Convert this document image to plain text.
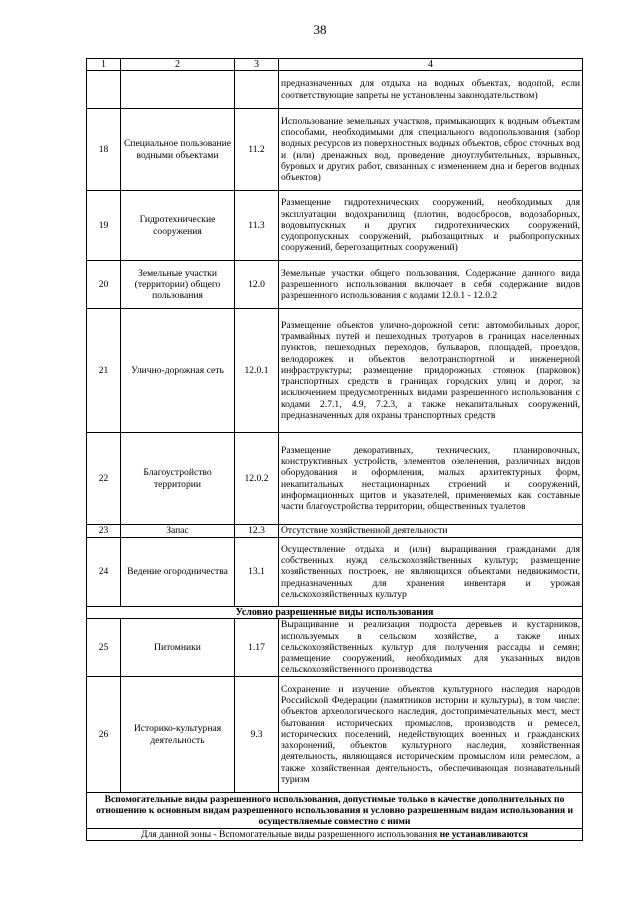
38
1	2	3	4
			предназначенных для отдыха на водных объектах, водопой, если соответствующие запреты не установлены законодательством)
18	Специальное пользование водными объектами	11.2	Использование земельных участков, примыкающих к водным объектам способами, необходимыми для специального водопользования (забор водных ресурсов из поверхностных водных объектов, сброс сточных вод и (или) дренажных вод, проведение дноуглубительных, взрывных, буровых и других работ, связанных с изменением дна и берегов водных объектов)
19	Гидротехнические сооружения	11.3	Размещение гидротехнических сооружений, необходимых для эксплуатации водохранилищ (плотин, водосбросов, водозаборных, водовыпускных и других гидротехнических сооружений, судопропускных сооружений, рыбозащитных и рыбопропускных сооружений, берегозащитных сооружений)
20	Земельные участки (территории) общего пользования	12.0	Земельные участки общего пользования. Содержание данного вида разрешенного использования включает в себя содержание видов разрешенного использования с кодами 12.0.1 - 12.0.2
21	Улично-дорожная сеть	12.0.1	Размещение объектов улично-дорожной сети: автомобильных дорог, трамвайных путей и пешеходных тротуаров в границах населенных пунктов, пешеходных переходов, бульваров, площадей, проездов, велодорожек и объектов велотранспортной и инженерной инфраструктуры; размещение придорожных стоянок (парковок) транспортных средств в границах городских улиц и дорог, за исключением предусмотренных видами разрешенного использования с кодами 2.7.1, 4.9, 7.2.3, а также некапитальных сооружений, предназначенных для охраны транспортных средств
22	Благоустройство территории	12.0.2	Размещение декоративных, технических, планировочных, конструктивных устройств, элементов озеленения, различных видов оборудования и оформления, малых архитектурных форм, некапитальных нестационарных строений и сооружений, информационных щитов и указателей, применяемых как составные части благоустройства территории, общественных туалетов
23	Запас	12.3	Отсутствие хозяйственной деятельности
24	Ведение огородничества	13.1	Осуществление отдыха и (или) выращивания гражданами для собственных нужд сельскохозяйственных культур; размещение хозяйственных построек, не являющихся объектами недвижимости, предназначенных для хранения инвентаря и урожая сельскохозяйственных культур
Условно разрешенные виды использования			
25	Питомники	1.17	Выращивание и реализация подроста деревьев и кустарников, используемых в сельском хозяйстве, а также иных сельскохозяйственных культур для получения рассады и семян; размещение сооружений, необходимых для указанных видов сельскохозяйственного производства
26	Историко-культурная деятельность	9.3	Сохранение и изучение объектов культурного наследия народов Российской Федерации (памятников истории и культуры), в том числе: объектов археологического наследия, достопримечательных мест, мест бытования исторических промыслов, производств и ремесел, исторических поселений, недействующих военных и гражданских захоронений, объектов культурного наследия, хозяйственная деятельность, являющаяся историческим промыслом или ремеслом, а также хозяйственная деятельность, обеспечивающая познавательный туризм
Вспомогательные виды разрешенного использования, допустимые только в качестве дополнительных по отношению к основным видам разрешенного использования и условно разрешенным видам использования и осуществляемые совместно с ними			
Для данной зоны - Вспомогательные виды разрешенного использования не устанавливаются			
